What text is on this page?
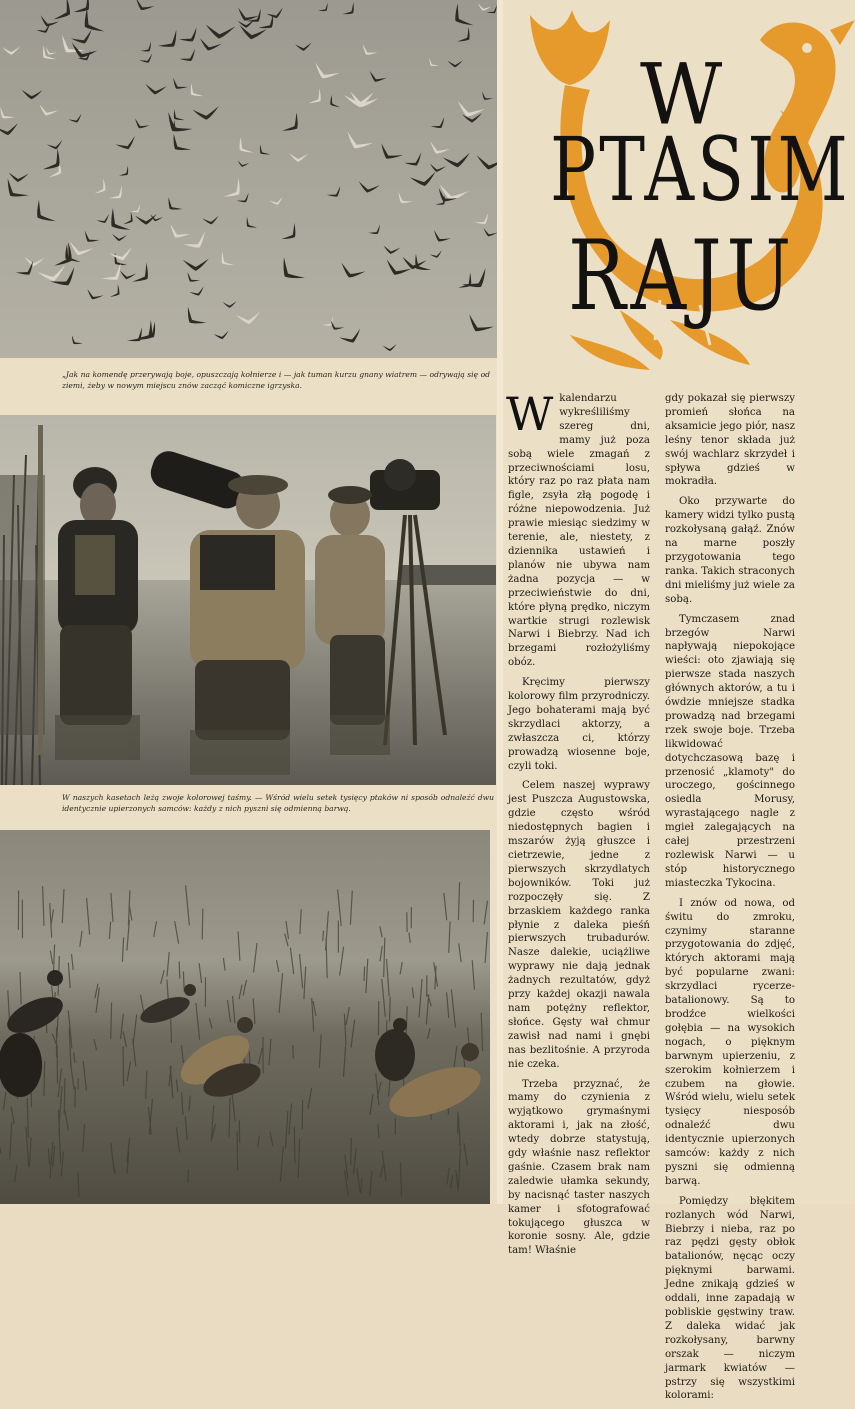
„Jak na komendę przerywają boje, opuszczają kołnierze i — jak tuman kurzu gnany wiatrem — odrywają się od ziemi, żeby w nowym miejscu znów zacząć komiczne igrzyska.
W naszych kasetach leżą zwoje kolorowej taśmy. — Wśród wielu setek tysięcy ptaków ni sposób odnaleźć dwu identycznie upierzonych samców: każdy z nich pyszni się odmienną barwą.
W
PTASIM
RAJU

W kalendarzu wykreśliliśmy szereg dni, mamy już poza sobą wiele zmagań z przeciwnościami losu, który raz po raz płata nam figle, zsyła złą pogodę i różne niepowodzenia. Już prawie miesiąc siedzimy w terenie, ale, niestety, z dziennika ustawień i planów nie ubywa nam żadna pozycja — w przeciwieństwie do dni, które płyną prędko, niczym wartkie strugi rozlewisk Narwi i Biebrzy. Nad ich brzegami rozłożyliśmy obóz.

Kręcimy pierwszy kolorowy film przyrodniczy. Jego bohaterami mają być skrzydlaci aktorzy, a zwłaszcza ci, którzy prowadzą wiosenne boje, czyli toki.

Celem naszej wyprawy jest Puszcza Augustowska, gdzie często wśród niedostępnych bagien i mszarów żyją głuszce i cietrzewie, jedne z pierwszych skrzydlatych bojowników. Toki już rozpoczęły się. Z brzaskiem każdego ranka płynie z daleka pieśń pierwszych trubadurów. Nasze dalekie, uciążliwe wyprawy nie dają jednak żadnych rezultatów, gdyż przy każdej okazji nawala nam potężny reflektor, słońce. Gęsty wał chmur zawisł nad nami i gnębi nas bezlitośnie. A przyroda nie czeka.

Trzeba przyznać, że mamy do czynienia z wyjątkowo grymaśnymi aktorami i, jak na złość, wtedy dobrze statystują, gdy właśnie nasz reflektor gaśnie. Czasem brak nam zaledwie ułamka sekundy, by nacisnąć taster naszych kamer i sfotografować tokującego głuszca w koronie sosny. Ale, gdzie tam! Właśnie

gdy pokazał się pierwszy promień słońca na aksamicie jego piór, nasz leśny tenor składa już swój wachlarz skrzydeł i spływa gdzieś w mokradła.

Oko przywarte do kamery widzi tylko pustą rozkołysaną gałąź. Znów na marne poszły przygotowania tego ranka. Takich straconych dni mieliśmy już wiele za sobą.

Tymczasem znad brzegów Narwi napływają niepokojące wieści: oto zjawiają się pierwsze stada naszych głównych aktorów, a tu i ówdzie mniejsze stadka prowadzą nad brzegami rzek swoje boje. Trzeba likwidować dotychczasową bazę i przenosić „klamoty" do uroczego, gościnnego osiedla Morusy, wyrastającego nagle z mgieł zalegających na całej przestrzeni rozlewisk Narwi — u stóp historycznego miasteczka Tykocina.

I znów od nowa, od świtu do zmroku, czynimy staranne przygotowania do zdjęć, których aktorami mają być popularne zwani: skrzydlaci rycerze-batalionowy. Są to brodźce wielkości gołębia — na wysokich nogach, o pięknym barwnym upierzeniu, z szerokim kołnierzem i czubem na głowie. Wśród wielu, wielu setek tysięcy niesposób odnaleźć dwu identycznie upierzonych samców: każdy z nich pyszni się odmienną barwą.

Pomiędzy błękitem rozlanych wód Narwi, Biebrzy i nieba, raz po raz pędzi gęsty obłok batalionów, nęcąc oczy pięknymi barwami. Jedne znikają gdzieś w oddali, inne zapadają w pobliskie gęstwiny traw. Z daleka widać jak rozkołysany, barwny orszak — niczym jarmark kwiatów — pstrzy się wszystkimi kolorami:
